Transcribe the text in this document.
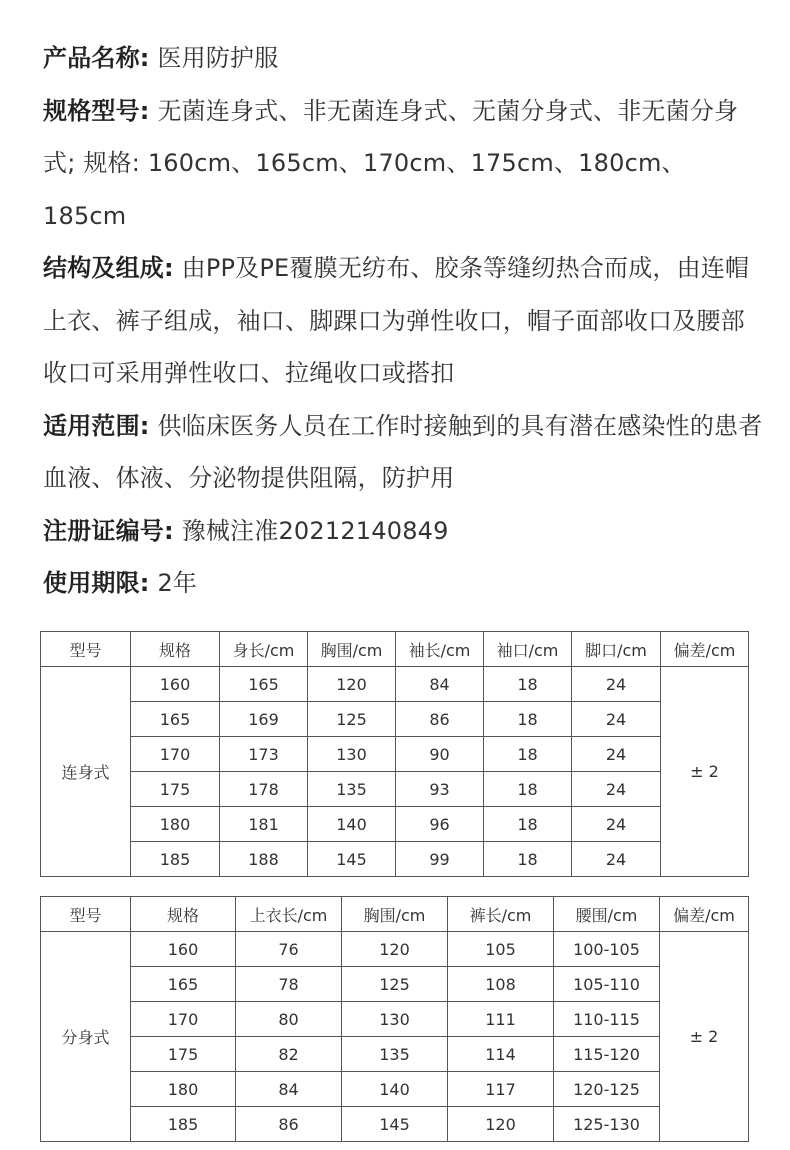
产品名称: 医用防护服

规格型号: 无菌连身式、非无菌连身式、无菌分身式、非无菌分身式; 规格: 160cm、165cm、170cm、175cm、180cm、185cm

结构及组成: 由PP及PE覆膜无纺布、胶条等缝纫热合而成，由连帽上衣、裤子组成，袖口、脚踝口为弹性收口，帽子面部收口及腰部收口可采用弹性收口、拉绳收口或搭扣

适用范围: 供临床医务人员在工作时接触到的具有潜在感染性的患者血液、体液、分泌物提供阻隔，防护用

注册证编号: 豫械注准20212140849

使用期限: 2年

型号	规格	身长/cm	胸围/cm	袖长/cm	袖口/cm	脚口/cm	偏差/cm
连身式	160	165	120	84	18	24	± 2
	165	169	125	86	18	24	
	170	173	130	90	18	24	
	175	178	135	93	18	24	
	180	181	140	96	18	24	
	185	188	145	99	18	24	
型号	规格	上衣长/cm	胸围/cm	裤长/cm	腰围/cm	偏差/cm
分身式	160	76	120	105	100-105	± 2
	165	78	125	108	105-110	
	170	80	130	111	110-115	
	175	82	135	114	115-120	
	180	84	140	117	120-125	
	185	86	145	120	125-130	
